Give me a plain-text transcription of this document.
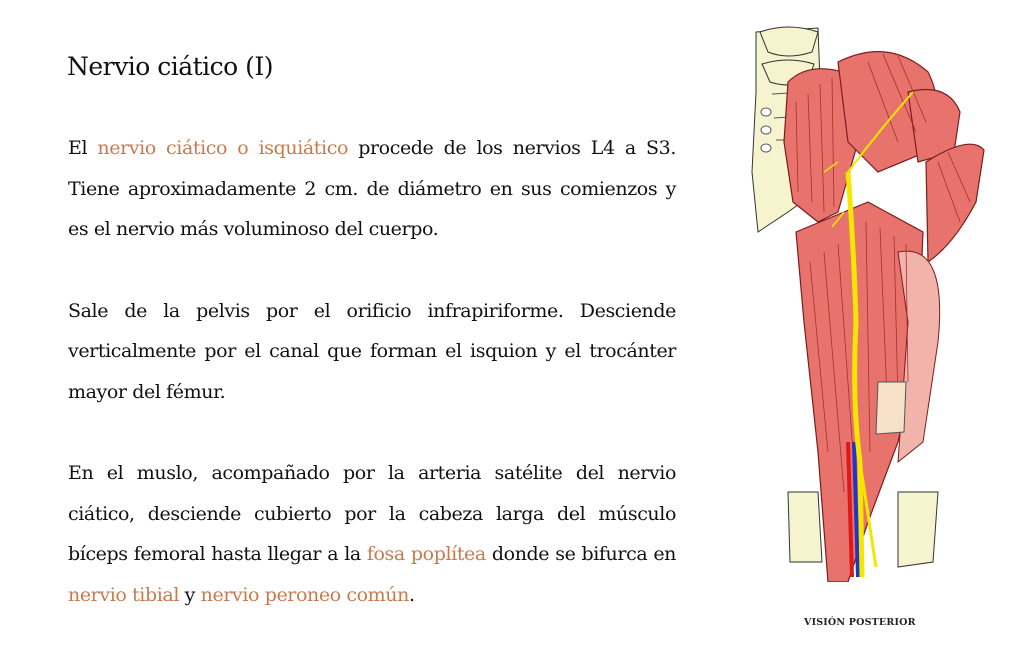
Nervio ciático (I)

El nervio ciático o isquiático procede de los nervios L4 a S3. Tiene aproximadamente 2 cm. de diámetro en sus comienzos y es el nervio más voluminoso del cuerpo.

Sale de la pelvis por el orificio infrapiriforme. Desciende verticalmente por el canal que forman el isquion y el trocánter mayor del fémur.

En el muslo, acompañado por la arteria satélite del nervio ciático, desciende cubierto por la cabeza larga del músculo bíceps femoral hasta llegar a la fosa poplítea donde se bifurca en nervio tibial y nervio peroneo común.

VISIÓN POSTERIOR
